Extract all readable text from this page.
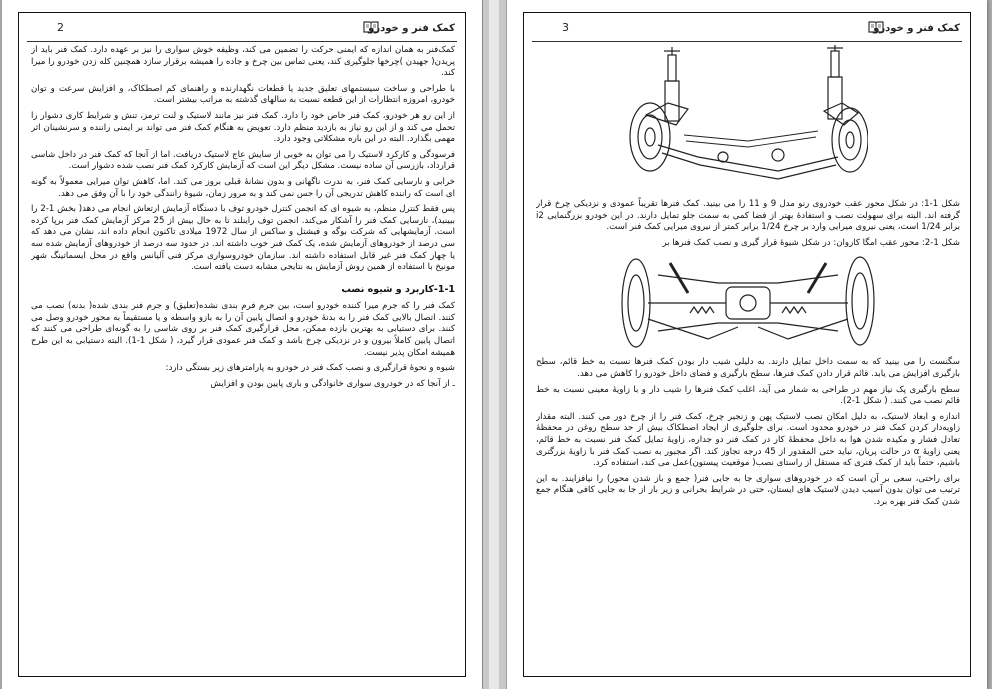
2	کمک فنر و خودرو

کمک‌فنر به همان اندازه که ایمنی حرکت را تضمین می کند، وظیفه خوش سواری را نیز بر عهده دارد. کمک فنر باید از پریدن( جهیدن )چرخها جلوگیری کند، یعنی تماس بین چرخ و جاده را همیشه برقرار سازد همچنین کله زدن خودرو را میرا کند.

با طراحی و ساخت سیستمهای تعلیق جدید یا قطعات نگهدارنده و راهنمای کم اصطکاک، و افزایش سرعت و توان خودرو، امروزه انتظارات از این قطعه نسبت به سالهای گذشته به مراتب بیشتر است.

از این رو هر خودرو، کمک فنر خاص خود را دارد. کمک فنر نیز مانند لاستیک و لنت ترمز، تنش و شرایط کاری دشوار را تحمل می کند و از این رو نیاز به بازدید منظم دارد. تعویض به هنگام کمک فنر می تواند بر ایمنی راننده و سرنشینان اثر مهمی بگذارد. البته در این باره مشکلاتی وجود دارد.

فرسودگی و کارکرد لاستیک را می توان به خوبی از سایش عاج لاستیک دریافت. اما از آنجا که کمک فنر در داخل شاسی قرارداد، بازرسی آن ساده نیست. مشکل دیگر این است که آزمایش کارکرد کمک فنر نصب شده دشوار است.

خرابی و نارسایی کمک فنر، به ندرت ناگهانی و بدون نشانهٔ قبلی بروز می کند. اما، کاهش توان میرایی معمولاً به گونه ای است که راننده کاهش تدریجی آن را حس نمی کند و به مرور زمان، شیوهٔ رانندگی خود را با آن وفق می دهد.

پس فقط کنترل منظم، به شیوه ای که انجمن کنترل خودرو توف با دستگاه آزمایش ارتعاش انجام می دهد( بخش 1-2 را ببینید)، نارسایی کمک فنر را آشکار می‌کند. انجمن توف راینلند تا به حال بیش از 25 مرکز آزمایش کمک فنر برپا کرده است. آزمایشهایی که شرکت بوگه و فیشتل و ساکس از سال 1972 میلادی تاکنون انجام داده اند، نشان می دهد که سی درصد از خودروهای آزمایش شده، یک کمک فنر خوب داشته اند. در حدود سه درصد از خودروهای آزمایش شده سه یا چهار کمک فنر غیر قابل استفاده داشته اند. سازمان خودروسواری مرکز فنی آلیانس واقع در محل ایسماتینگ شهر مونیخ با استفاده از همین روش آزمایش به نتایجی مشابه دست یافته است.

1-1-کاربرد و شیوه نصب

کمک فنر را که جرم میرا کننده خودرو است، بین جرم فرم بندی نشده(تعلیق) و جرم فنر بندی شده( بدنه) نصب می کنند. اتصال بالایی کمک فنر را به بدنهٔ خودرو و اتصال پایین آن را به بازو واسطه و یا مستقیماً به محور خودرو وصل می کنند. برای دستیابی به بهترین بازده ممکن، محل قرارگیری کمک فنر بر روی شاسی را به گونه‌ای طراحی می کنند که اتصال پایین کاملاً بیرون و در نزدیکی چرخ باشد و کمک فنر عمودی قرار گیرد، ( شکل 1-1). البته دستیابی به این طرح همیشه امکان پذیر نیست.

شیوه و نحوهٔ قرارگیری و نصب کمک فنر در خودرو به پارامترهای زیر بستگی دارد:

ـ از آنجا که در خودروی سواری خانوادگی و باری پایین بودن و افزایش

3	کمک فنر و خودرو

شکل 1-1: در شکل محور عقب خودروی رنو مدل 9 و 11 را می بینید. کمک فنرها تقریباً عمودی و نزدیکی چرخ قرار گرفته اند. البته برای سهولت نصب و استفادهٔ بهتر از فضا کمی به سمت جلو تمایل دارند. در این خودرو بزرگنمایی i2 برابر 1/24 است، یعنی نیروی میرایی وارد بر چرخ 1/24 برابر کمتر از نیروی میرایی کمک فنر است.

شکل 1-2: محور عقب امگا کاروان: در شکل شیوهٔ قرار گیری و نصب کمک فنرها بر

سگنست را می بینید که به سمت داخل تمایل دارند. به دلیلی شیب دار بودن کمک فنرها نسبت به خط قائم، سطح بارگیری افزایش می یابد. قائم قرار دادن کمک فنرها، سطح بارگیری و فضای داخل خودرو را کاهش می دهد.

سطح بارگیری پک نیاز مهم در طراحی به شمار می آید، اغلب کمک فنرها را شیب دار و با زاویهٔ معینی نسبت به خط قائم نصب می کنند. ( شکل 1-2).

اندازه و ابعاد لاستیک، به دلیل امکان نصب لاستیک پهن و زنجیر چرخ، کمک فنر را از چرخ دور می کنند. البته مقدار زاویه‌دار کردن کمک فنر در خودرو محدود است. برای جلوگیری از ایجاد اصطکاک بیش از حد سطح روغن در محفظهٔ تعادل فشار و مکیده شدن هوا به داخل محفظهٔ کار در کمک فنر دو جداره، زاویهٔ تمایل کمک فنر نسبت به خط قائم، یعنی زاویهٔ α در حالت پریان، نباید حتی المقدور از 45 درجه تجاوز کند. اگر مجبور به نصب کمک فنر با زاویهٔ بزرگتری باشیم، حتماً باید از کمک فنری که مستقل از راستای نصب( موقعیت پیستون)عمل می کند، استفاده کرد.

برای راحتی، سعی بر آن است که در خودروهای سواری جا به جایی فنر( جمع و باز شدن محور) را نیافزایند. به این ترتیب می توان بدون آسیب دیدن لاستیک های ایستان، حتی در شرایط بحرانی و زیر بار از جا به جایی کافی هنگام جمع شدن کمک فنر بهره برد.
